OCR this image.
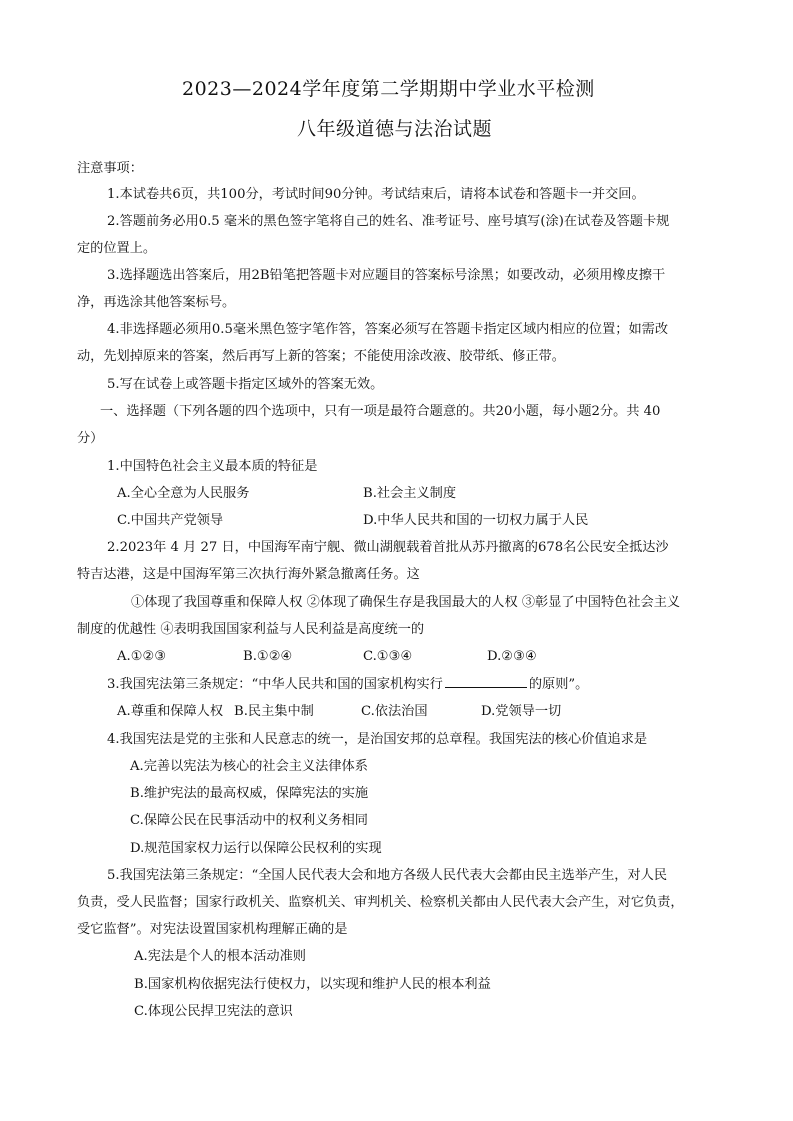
2023—2024学年度第二学期期中学业水平检测
八年级道德与法治试题
注意事项：
1.本试卷共6页，共100分，考试时间90分钟。考试结束后，请将本试卷和答题卡一并交回。
2.答题前务必用0.5 毫米的黑色签字笔将自己的姓名、准考证号、座号填写(涂)在试卷及答题卡规
定的位置上。
3.选择题选出答案后，用2B铅笔把答题卡对应题目的答案标号涂黑；如要改动，必须用橡皮擦干
净，再选涂其他答案标号。
4.非选择题必须用0.5毫米黑色签字笔作答，答案必须写在答题卡指定区域内相应的位置；如需改
动，先划掉原来的答案，然后再写上新的答案；不能使用涂改液、胶带纸、修正带。
5.写在试卷上或答题卡指定区域外的答案无效。
一、选择题（下列各题的四个选项中，只有一项是最符合题意的。共20小题，每小题2分。共 40
分）
1.中国特色社会主义最本质的特征是
A.全心全意为人民服务	B.社会主义制度
C.中国共产党领导	D.中华人民共和国的一切权力属于人民
2.2023年 4 月 27 日，中国海军南宁舰、微山湖舰载着首批从苏丹撤离的678名公民安全抵达沙
特吉达港，这是中国海军第三次执行海外紧急撤离任务。这
①体现了我国尊重和保障人权 ②体现了确保生存是我国最大的人权 ③彰显了中国特色社会主义
制度的优越性 ④表明我国国家利益与人民利益是高度统一的
A.①②③	B.①②④	C.①③④	D.②③④
3.我国宪法第三条规定：“中华人民共和国的国家机构实行	的原则”。
A.尊重和保障人权 B.民主集中制	C.依法治国	D.党领导一切
4.我国宪法是党的主张和人民意志的统一，是治国安邦的总章程。我国宪法的核心价值追求是
A.完善以宪法为核心的社会主义法律体系
B.维护宪法的最高权威，保障宪法的实施
C.保障公民在民事活动中的权利义务相同
D.规范国家权力运行以保障公民权利的实现
5.我国宪法第三条规定：“全国人民代表大会和地方各级人民代表大会都由民主选举产生，对人民
负责，受人民监督；国家行政机关、监察机关、审判机关、检察机关都由人民代表大会产生，对它负责，
受它监督”。对宪法设置国家机构理解正确的是
A.宪法是个人的根本活动准则
B.国家机构依据宪法行使权力，以实现和维护人民的根本利益
C.体现公民捍卫宪法的意识
